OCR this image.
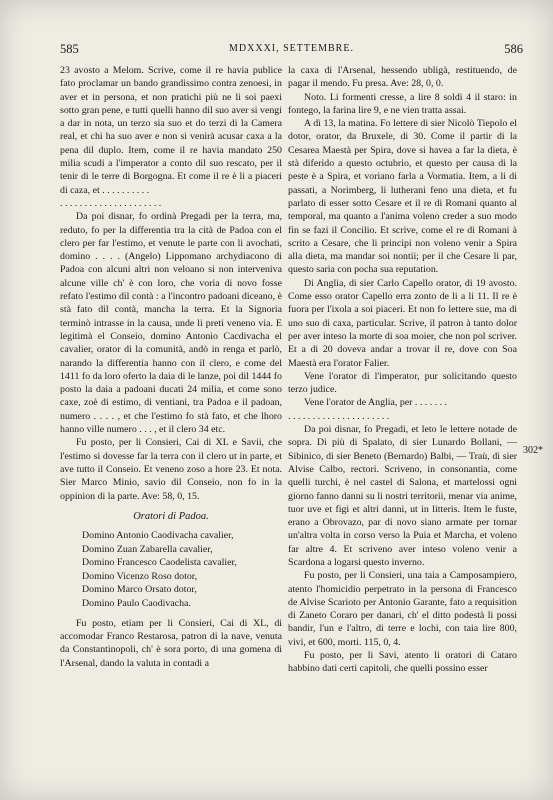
585	MDXXXI, SETTEMBRE.	586

23 avosto a Melom. Scrive, come il re havia publice fato proclamar un bando grandissimo contra zenoesi, in aver et in persona, et non pratichi più ne li soi paexi sotto gran pene, e tutti quelli hanno dil suo aver si vengi a dar in nota, un terzo sia suo et do terzi di la Camera real, et chi ha suo aver e non si venirà acusar caxa a la pena dil duplo. Item, come il re havia mandato 250 milia scudi a l'imperator a conto dil suo rescato, per il tenir di le terre di Borgogna. Et come il re è li a piaceri di caza, et . . . . . . . . . .

. . . . . . . . . . . . . . . . . . . . .

Da poi disnar, fo ordinà Pregadi per la terra, ma, reduto, fo per la differentia tra la cità de Padoa con el clero per far l'estimo, et venute le parte con li avochati, domino . . . . (Angelo) Lippomano archydiacono di Padoa con alcuni altri non veloano si non interveniva alcune ville ch' è con loro, che voria di novo fosse refato l'estimo dil contà : a l'incontro padoani diceano, è stà fato dil contà, mancha la terra. Et la Signoria terminò intrasse in la causa, unde li preti veneno via. E legitimà el Conseio, domino Antonio Cacdivacha el cavalier, orator di la comunità, andò in renga et parlò, narando la differentia hanno con il clero, e come del 1411 fo da loro oferto la daia di le lanze, poi dil 1444 fo posto la daia a padoani ducati 24 milia, et come sono caxe, zoè di estimo, di ventiani, tra Padoa e il padoan, numero . . . . , et che l'estimo fo stà fato, et che lhoro hanno ville numero . . . , et il clero 34 etc.

Fu posto, per li Consieri, Cai di XL e Savii, che l'estimo si dovesse far la terra con il clero ut in parte, et ave tutto il Conseio. Et veneno zoso a hore 23. Et nota. Sier Marco Minio, savio dil Conseio, non fo in la oppinion di la parte. Ave: 58, 0, 15.

Oratori di Padoa.
Domino Antonio Caodivacha cavalier,
Domino Zuan Zabarella cavalier,
Domino Francesco Caodelista cavalier,
Domino Vicenzo Roso dotor,
Domino Marco Orsato dotor,
Domino Paulo Caodivacha.

Fu posto, etiam per li Consieri, Cai di XL, di accomodar Franco Restarosa, patron di la nave, venuta da Constantinopoli, ch' è sora porto, di una gomena di l'Arsenal, dando la valuta in contadi a

la caxa di l'Arsenal, hessendo ubligà, restituendo, de pagar il mendo. Fu presa. Ave: 28, 0, 0.

Noto. Li formenti cresse, a lire 8 soldi 4 il staro: in fontego, la farina lire 9, e ne vien tratta assai.

A dì 13, la matina. Fo lettere di sier Nicolò Tiepolo el dotor, orator, da Bruxele, di 30. Come il partir di la Cesarea Maestà per Spira, dove si havea a far la dieta, è stà diferido a questo octubrio, et questo per causa di la peste è a Spira, et voriano farla a Vormatia. Item, a li di passati, a Norimberg, li lutherani feno una dieta, et fu parlato di esser sotto Cesare et il re di Romani quanto al temporal, ma quanto a l'anima voleno creder a suo modo fin se fazi il Concilio. Et scrive, come el re di Romani à scrito a Cesare, che li principi non voleno venir a Spira alla dieta, ma mandar soi nontii; per il che Cesare li par, questo saria con pocha sua reputation.

Di Anglia, di sier Carlo Capello orator, di 19 avosto. Come esso orator Capello erra zonto de li a li 11. Il re è fuora per l'ixola a soi piaceri. Et non fo lettere sue, ma di uno suo di caxa, particular. Scrive, il patron à tanto dolor per aver inteso la morte di soa moier, che non pol scriver. Et a di 20 doveva andar a trovar il re, dove con Soa Maestà era l'orator Falier.

Vene l'orator di l'imperator, pur solicitando questo terzo judice.

Vene l'orator de Anglia, per . . . . . . .

. . . . . . . . . . . . . . . . . . . . .

Da poi disnar, fo Pregadi, et leto le lettere notade de sopra. Di più di Spalato, di sier Lunardo Bollani, — Sibinico, di sier Beneto (Bernardo) Balbi, — Traù, di sier Alvise Calbo, rectori. Scriveno, in consonantia, come quelli turchi, è nel castel di Salona, et martelossi ogni giorno fanno danni su li nostri territorii, menar via anime, tuor uve et figi et altri danni, ut in litteris. Item le fuste, erano a Obrovazo, par di novo siano armate per tornar un'altra volta in corso verso la Puia et Marcha, et voleno far altre 4. Et scriveno aver inteso voleno venir a Scardona a logarsi questo inverno.

Fu posto, per li Consieri, una taia a Camposampiero, atento l'homicidio perpetrato in la persona di Francesco de Alvise Scarioto per Antonio Garante, fato a requisition di Zaneto Coraro per danari, ch' el ditto podestà li possi bandir, l'un e l'altro, di terre e lochi, con taia lire 800, vivi, et 600, morti. 115, 0, 4.

Fu posto, per li Savi, atento li oratori di Cataro habbino dati certi capitoli, che quelli possino esser

302*
